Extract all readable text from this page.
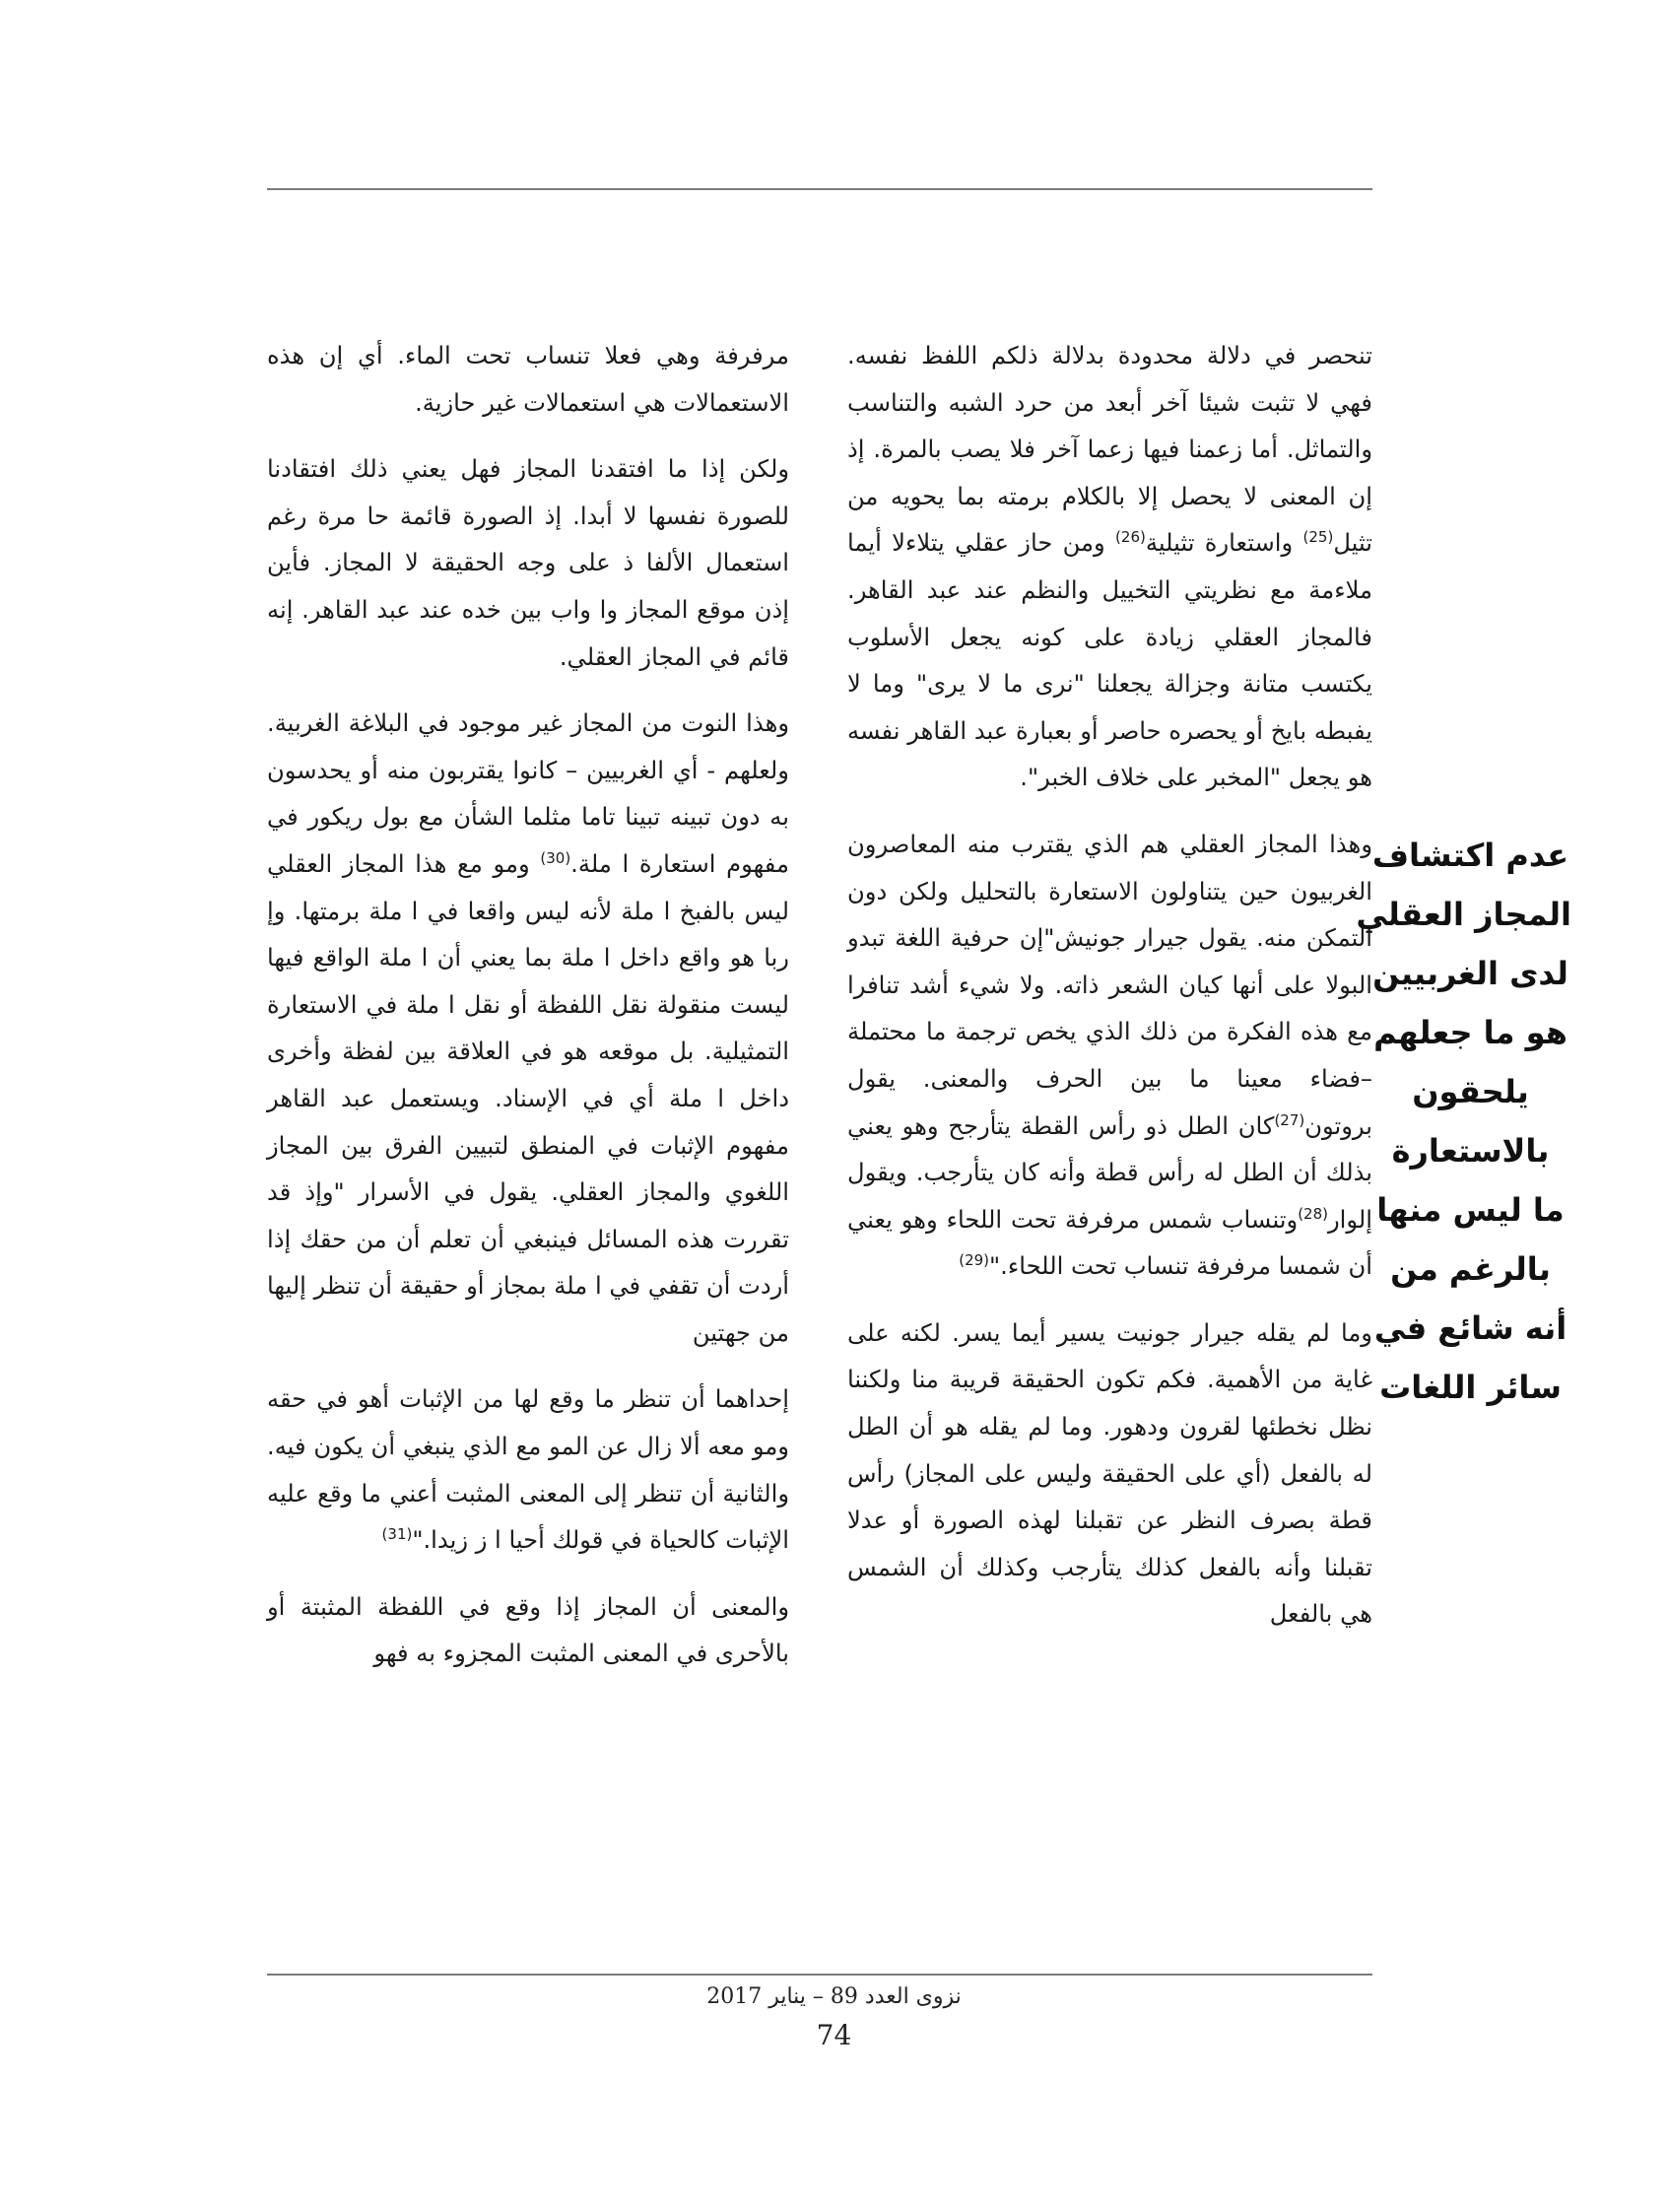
تنحصر في دلالة محدودة بدلالة ذلكم اللفظ نفسه. فهي لا تثبت شيئا آخر أبعد من حرد الشبه والتناسب والتماثل. أما زعمنا فيها زعما آخر فلا يصب بالمرة. إذ إن المعنى لا يحصل إلا بالكلام برمته بما يحويه من تثيل$^{(25)}$ واستعارة تثيلية$^{(26)}$ ومن حاز عقلي يتلاءلا أيما ملاءمة مع نظريتي التخييل والنظم عند عبد القاهر. فالمجاز العقلي زيادة على كونه يجعل الأسلوب يكتسب متانة وجزالة يجعلنا "نرى ما لا يرى" وما لا يفبطه بايخ أو يحصره حاصر أو بعبارة عبد القاهر نفسه هو يجعل "المخبر على خلاف الخبر".

وهذا المجاز العقلي هم الذي يقترب منه المعاصرون الغربيون حين يتناولون الاستعارة بالتحليل ولكن دون التمكن منه. يقول جيرار جونيش"إن حرفية اللغة تبدو البولا على أنها كيان الشعر ذاته. ولا شيء أشد تنافرا مع هذه الفكرة من ذلك الذي يخص ترجمة ما محتملة –فضاء معينا ما بين الحرف والمعنى. يقول بروتون$^{(27)}$كان الطل ذو رأس القطة يتأرجح وهو يعني بذلك أن الطل له رأس قطة وأنه كان يتأرجب. ويقول إلوار$^{(28)}$وتنساب شمس مرفرفة تحت اللحاء وهو يعني أن شمسا مرفرفة تنساب تحت اللحاء."$^{(29)}$

وما لم يقله جيرار جونيت يسير أيما يسر. لكنه على غاية من الأهمية. فكم تكون الحقيقة قريبة منا ولكننا نظل نخطئها لقرون ودهور. وما لم يقله هو أن الطل له بالفعل (أي على الحقيقة وليس على المجاز) رأس قطة بصرف النظر عن تقبلنا لهذه الصورة أو عدلا تقبلنا وأنه بالفعل كذلك يتأرجب وكذلك أن الشمس هي بالفعل

مرفرفة وهي فعلا تنساب تحت الماء. أي إن هذه الاستعمالات هي استعمالات غير حازية.

ولكن إذا ما افتقدنا المجاز فهل يعني ذلك افتقادنا للصورة نفسها لا أبدا. إذ الصورة قائمة حا مرة رغم استعمال الألفا ذ على وجه الحقيقة لا المجاز. فأين إذن موقع المجاز وا واب بين خده عند عبد القاهر. إنه قائم في المجاز العقلي.

وهذا النوت من المجاز غير موجود في البلاغة الغربية. ولعلهم - أي الغربيين – كانوا يقتربون منه أو يحدسون به دون تبينه تبينا تاما مثلما الشأن مع بول ريكور في مفهوم استعارة ا ملة.$^{(30)}$ ومو مع هذا المجاز العقلي ليس بالفبخ ا ملة لأنه ليس واقعا في ا ملة برمتها. وإ ربا هو واقع داخل ا ملة بما يعني أن ا ملة الواقع فيها ليست منقولة نقل اللفظة أو نقل ا ملة في الاستعارة التمثيلية. بل موقعه هو في العلاقة بين لفظة وأخرى داخل ا ملة أي في الإسناد. ويستعمل عبد القاهر مفهوم الإثبات في المنطق لتبيين الفرق بين المجاز اللغوي والمجاز العقلي. يقول في الأسرار "وإذ قد تقررت هذه المسائل فينبغي أن تعلم أن من حقك إذا أردت أن تقفي في ا ملة بمجاز أو حقيقة أن تنظر إليها من جهتين

إحداهما أن تنظر ما وقع لها من الإثبات أهو في حقه ومو معه ألا زال عن المو مع الذي ينبغي أن يكون فيه. والثانية أن تنظر إلى المعنى المثبت أعني ما وقع عليه الإثبات كالحياة في قولك أحيا ا ز زيدا."$^{(31)}$

والمعنى أن المجاز إذا وقع في اللفظة المثبتة أو بالأحرى في المعنى المثبت المجزوء به فهو

عدم اكتشاف
المجاز العقلي
لدى الغربيين
هو ما جعلهم
يلحقون
بالاستعارة
ما ليس منها
بالرغم من
أنه شائع في
سائر اللغات
نزوى العدد 89 – يناير 2017
74
